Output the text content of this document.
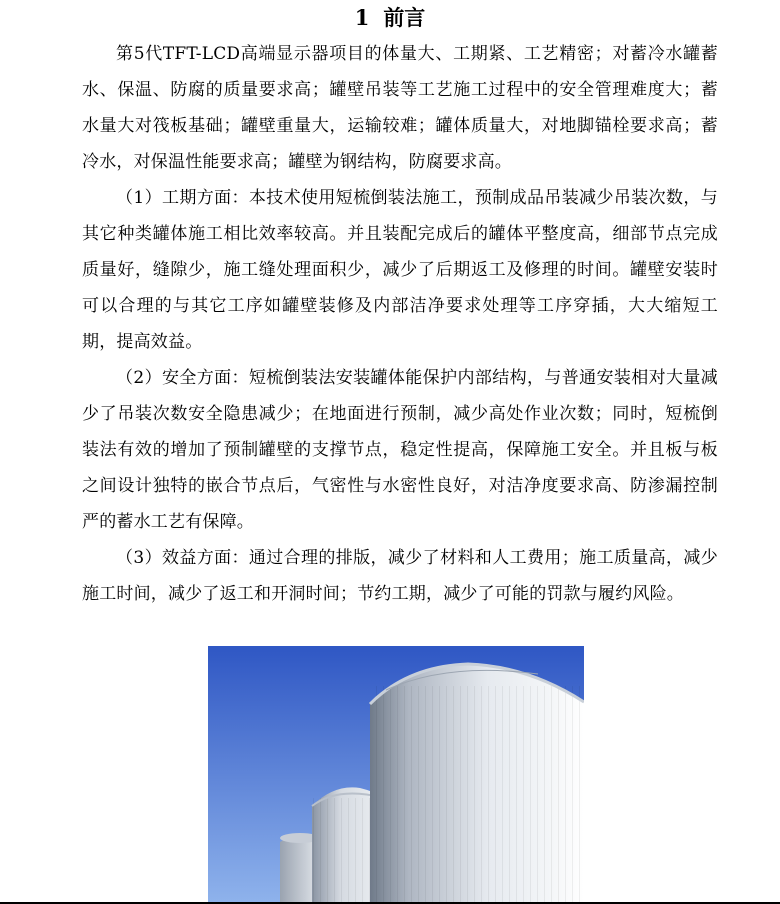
1 前言

第5代TFT-LCD高端显示器项目的体量大、工期紧、工艺精密；对蓄冷水罐蓄水、保温、防腐的质量要求高；罐壁吊装等工艺施工过程中的安全管理难度大；蓄水量大对筏板基础；罐壁重量大，运输较难；罐体质量大，对地脚锚栓要求高；蓄冷水，对保温性能要求高；罐壁为钢结构，防腐要求高。

（1）工期方面：本技术使用短梳倒装法施工，预制成品吊装减少吊装次数，与其它种类罐体施工相比效率较高。并且装配完成后的罐体平整度高，细部节点完成质量好，缝隙少，施工缝处理面积少，减少了后期返工及修理的时间。罐壁安装时可以合理的与其它工序如罐壁装修及内部洁净要求处理等工序穿插，大大缩短工期，提高效益。

（2）安全方面：短梳倒装法安装罐体能保护内部结构，与普通安装相对大量减少了吊装次数安全隐患减少；在地面进行预制，减少高处作业次数；同时，短梳倒装法有效的增加了预制罐壁的支撑节点，稳定性提高，保障施工安全。并且板与板之间设计独特的嵌合节点后，气密性与水密性良好，对洁净度要求高、防渗漏控制严的蓄水工艺有保障。

（3）效益方面：通过合理的排版，减少了材料和人工费用；施工质量高，减少施工时间，减少了返工和开洞时间；节约工期，减少了可能的罚款与履约风险。
